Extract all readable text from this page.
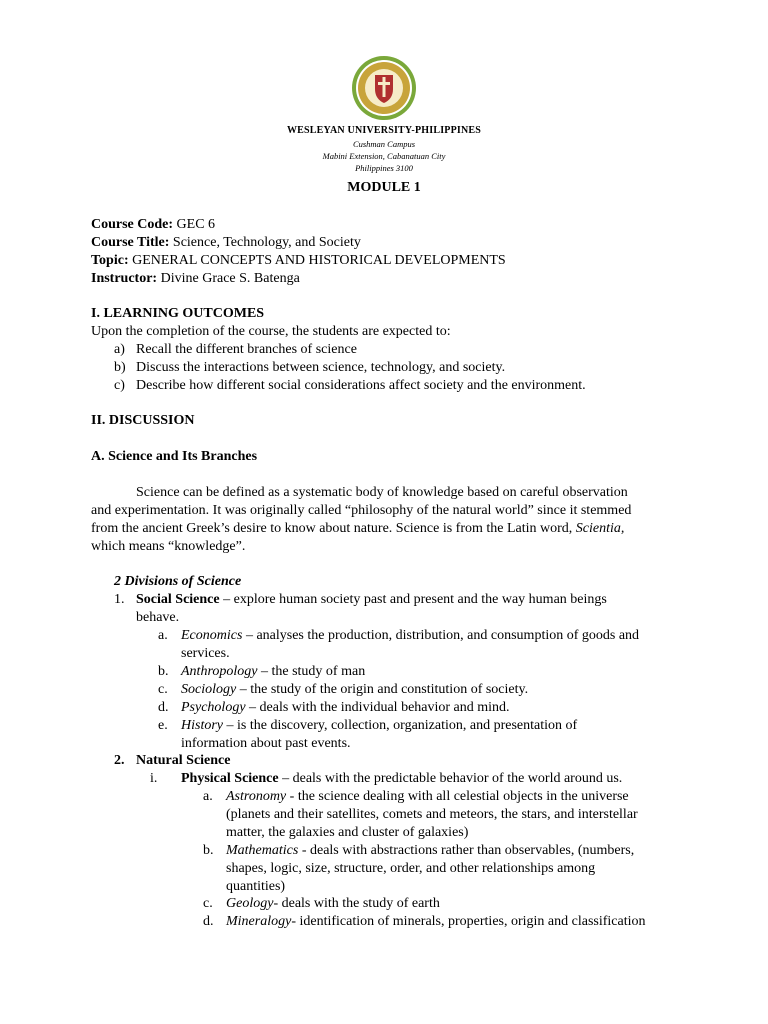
WESLEYAN UNIVERSITY-PHILIPPINES
Cushman Campus
Mabini Extension, Cabanatuan City
Philippines 3100
MODULE 1
Course Code: GEC 6
Course Title: Science, Technology, and Society
Topic: GENERAL CONCEPTS AND HISTORICAL DEVELOPMENTS
Instructor: Divine Grace S. Batenga
I. LEARNING OUTCOMES
Upon the completion of the course, the students are expected to:
a) Recall the different branches of science
b) Discuss the interactions between science, technology, and society.
c) Describe how different social considerations affect society and the environment.
II. DISCUSSION
A. Science and Its Branches
Science can be defined as a systematic body of knowledge based on careful observation
and experimentation. It was originally called “philosophy of the natural world” since it stemmed
from the ancient Greek’s desire to know about nature. Science is from the Latin word, Scientia,
which means “knowledge”.
2 Divisions of Science
1. Social Science – explore human society past and present and the way human beings
behave.
a. Economics – analyses the production, distribution, and consumption of goods and
services.
b. Anthropology – the study of man
c. Sociology – the study of the origin and constitution of society.
d. Psychology – deals with the individual behavior and mind.
e. History – is the discovery, collection, organization, and presentation of
information about past events.
2. Natural Science
i. Physical Science – deals with the predictable behavior of the world around us.
a. Astronomy - the science dealing with all celestial objects in the universe
(planets and their satellites, comets and meteors, the stars, and interstellar
matter, the galaxies and cluster of galaxies)
b. Mathematics - deals with abstractions rather than observables, (numbers,
shapes, logic, size, structure, order, and other relationships among
quantities)
c. Geology- deals with the study of earth
d. Mineralogy- identification of minerals, properties, origin and classification
